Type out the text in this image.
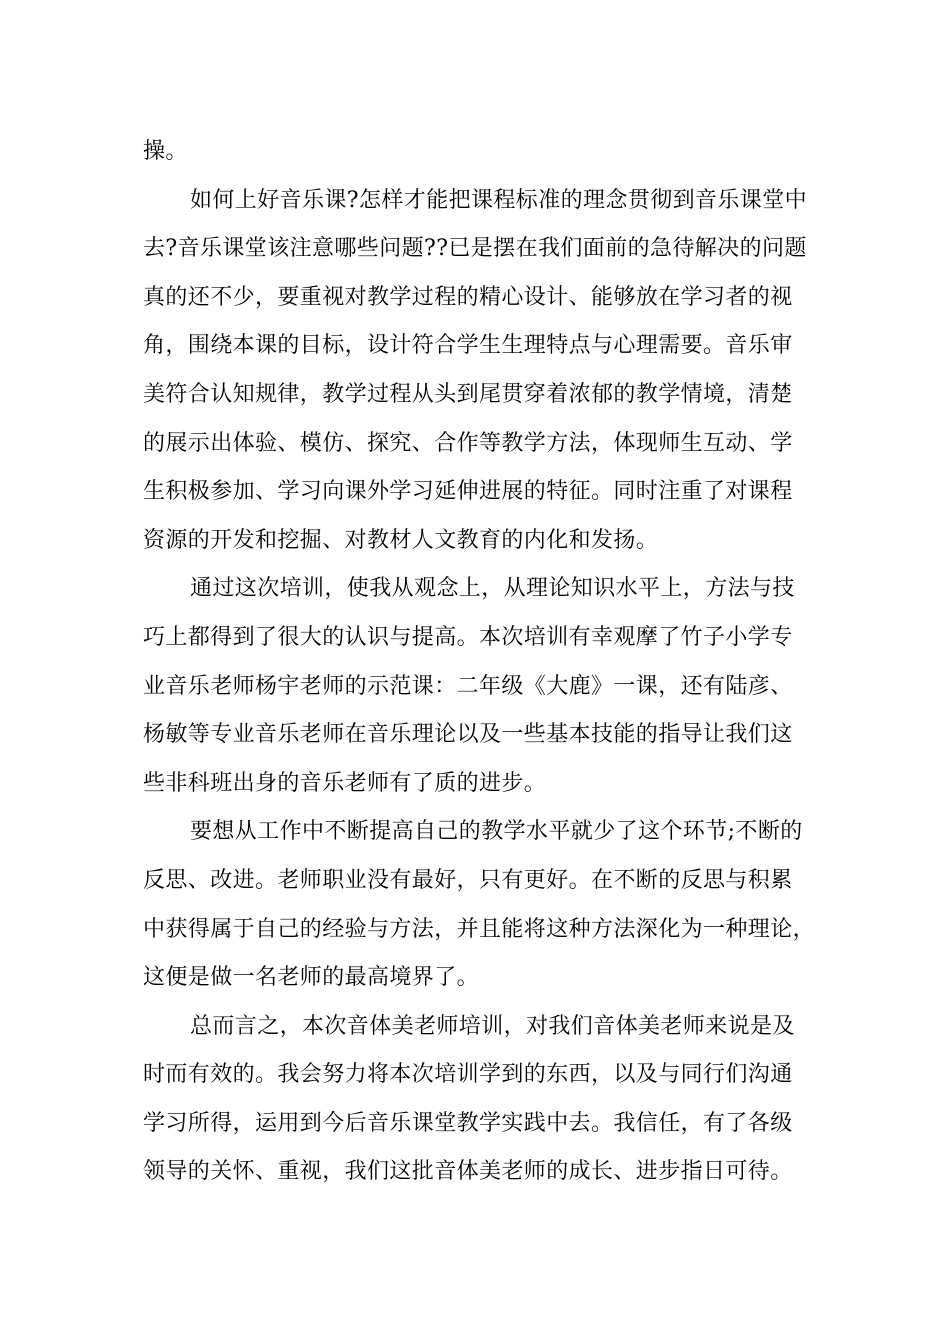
操。
如何上好音乐课?怎样才能把课程标准的理念贯彻到音乐课堂中
去?音乐课堂该注意哪些问题??已是摆在我们面前的急待解决的问题
真的还不少，要重视对教学过程的精心设计、能够放在学习者的视
角，围绕本课的目标，设计符合学生生理特点与心理需要。音乐审
美符合认知规律，教学过程从头到尾贯穿着浓郁的教学情境，清楚
的展示出体验、模仿、探究、合作等教学方法，体现师生互动、学
生积极参加、学习向课外学习延伸进展的特征。同时注重了对课程
资源的开发和挖掘、对教材人文教育的内化和发扬。
通过这次培训，使我从观念上，从理论知识水平上，方法与技
巧上都得到了很大的认识与提高。本次培训有幸观摩了竹子小学专
业音乐老师杨宇老师的示范课：二年级《大鹿》一课，还有陆彦、
杨敏等专业音乐老师在音乐理论以及一些基本技能的指导让我们这
些非科班出身的音乐老师有了质的进步。
要想从工作中不断提高自己的教学水平就少了这个环节;不断的
反思、改进。老师职业没有最好，只有更好。在不断的反思与积累
中获得属于自己的经验与方法，并且能将这种方法深化为一种理论，
这便是做一名老师的最高境界了。
总而言之，本次音体美老师培训，对我们音体美老师来说是及
时而有效的。我会努力将本次培训学到的东西，以及与同行们沟通
学习所得，运用到今后音乐课堂教学实践中去。我信任，有了各级
领导的关怀、重视，我们这批音体美老师的成长、进步指日可待。
